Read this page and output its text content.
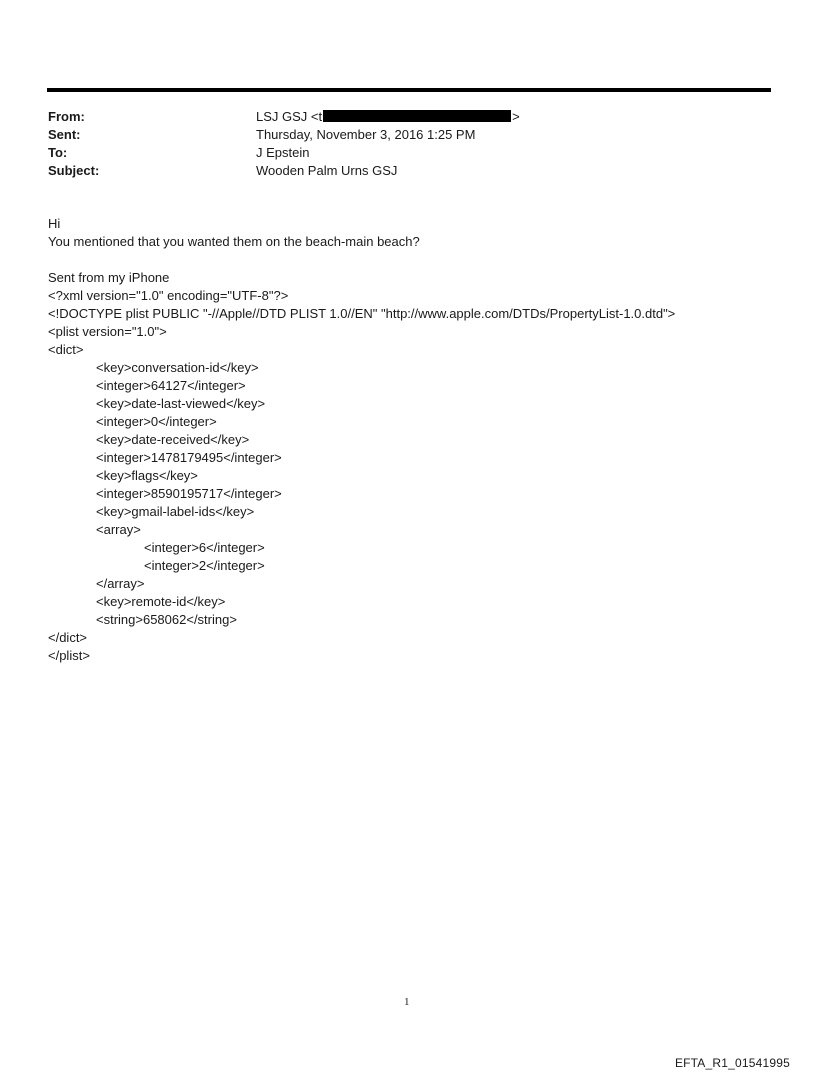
From:	LSJ GSJ <t	>
Sent:	Thursday, November 3, 2016 1:25 PM
To:	J Epstein
Subject:	Wooden Palm Urns GSJ
Hi
You mentioned that you wanted them on the beach-main beach?
Sent from my iPhone
<?xml version="1.0" encoding="UTF-8"?>
<!DOCTYPE plist PUBLIC "-//Apple//DTD PLIST 1.0//EN" "http://www.apple.com/DTDs/PropertyList-1.0.dtd">
<plist version="1.0">
<dict>
<key>conversation-id</key>
<integer>64127</integer>
<key>date-last-viewed</key>
<integer>0</integer>
<key>date-received</key>
<integer>1478179495</integer>
<key>flags</key>
<integer>8590195717</integer>
<key>gmail-label-ids</key>
<array>
<integer>6</integer>
<integer>2</integer>
</array>
<key>remote-id</key>
<string>658062</string>
</dict>
</plist>
1
EFTA_R1_01541995
